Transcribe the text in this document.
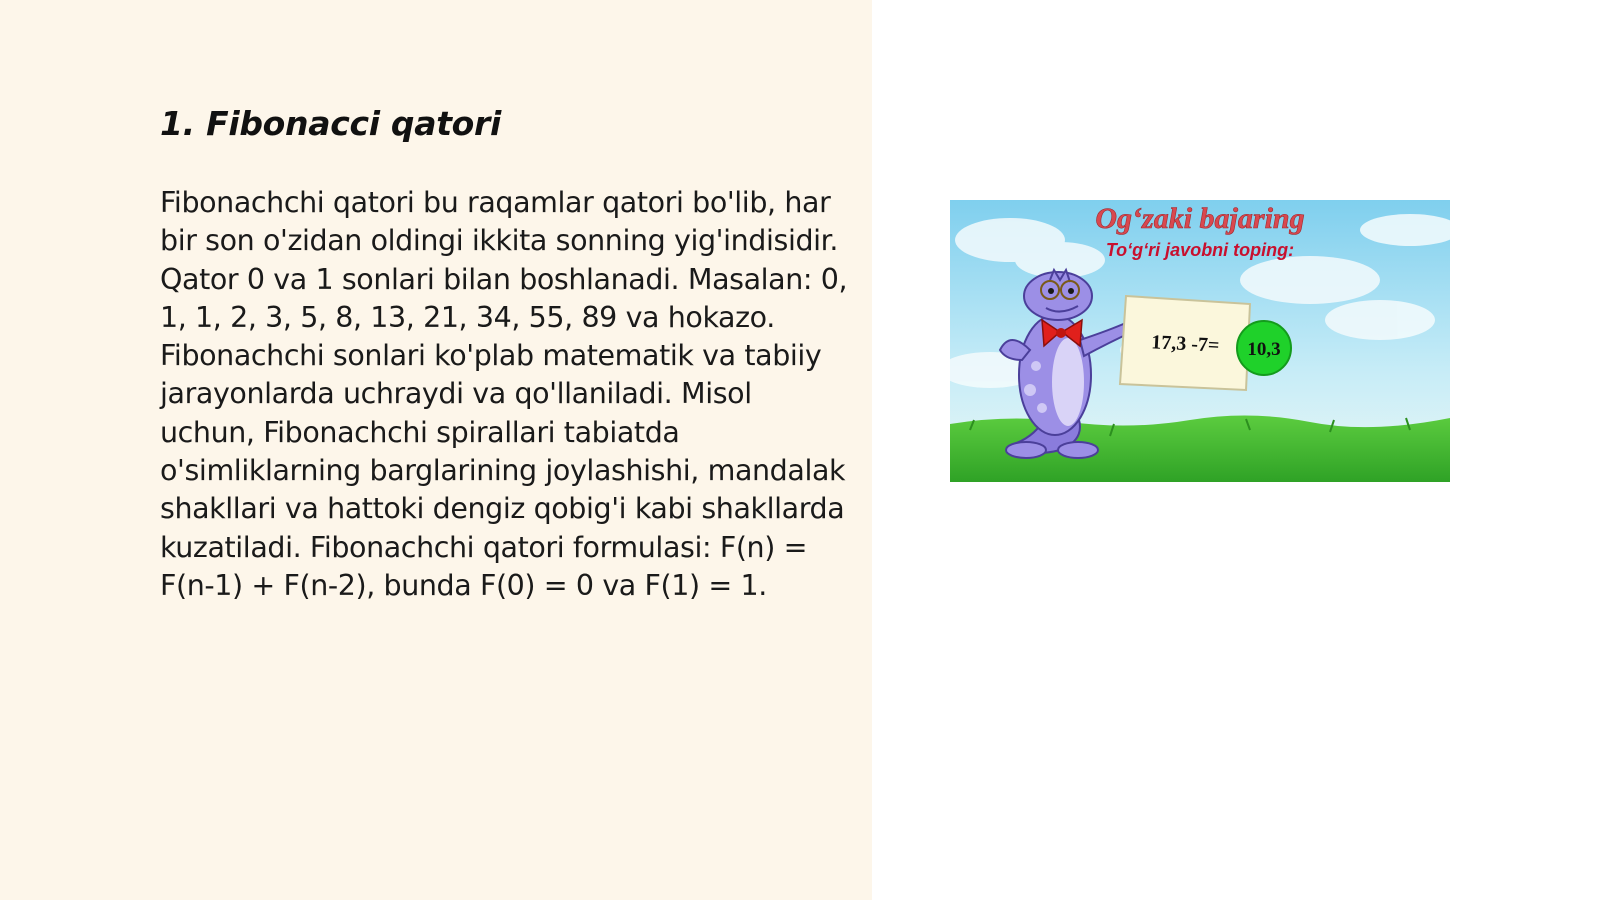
1. Fibonacci qatori

Fibonachchi qatori bu raqamlar qatori bo'lib, har bir son o'zidan oldingi ikkita sonning yig'indisidir. Qator 0 va 1 sonlari bilan boshlanadi. Masalan: 0, 1, 1, 2, 3, 5, 8, 13, 21, 34, 55, 89 va hokazo. Fibonachchi sonlari ko'plab matematik va tabiiy jarayonlarda uchraydi va qo'llaniladi. Misol uchun, Fibonachchi spirallari tabiatda o'simliklarning barglarining joylashishi, mandalak shakllari va hattoki dengiz qobig'i kabi shakllarda kuzatiladi. Fibonachchi qatori formulasi: F(n) = F(n-1) + F(n-2), bunda F(0) = 0 va F(1) = 1.

Og‘zaki bajaring
To‘g‘ri javobni toping:
17,3 -7= 10,3
